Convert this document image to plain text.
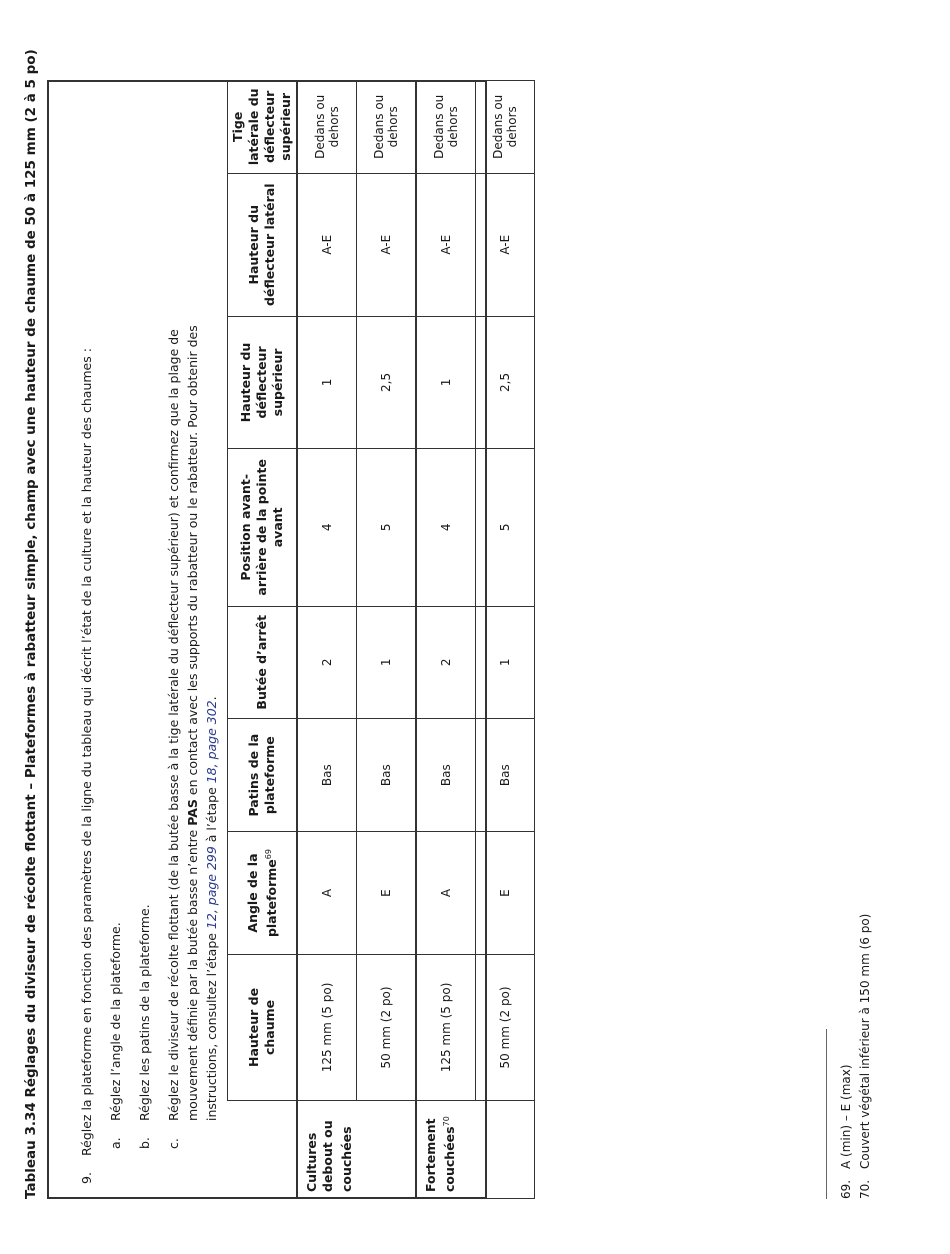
Tableau 3.34 Réglages du diviseur de récolte flottant – Plateformes à rabatteur simple, champ avec une hauteur de chaume de 50 à 125 mm (2 à 5 po)	9.
Réglez la plateforme en fonction des paramètres de la ligne du tableau qui décrit l’état de la culture et la hauteur des chaumes : a.
Réglez l’angle de la plateforme.
b.
Réglez les patins de la plateforme.
c.
Réglez le diviseur de récolte flottant (de la butée basse à la tige latérale du déflecteur supérieur) et confirmez que la plage de mouvement définie par la butée basse n’entre PAS en contact avec les supports du rabatteur ou le rabatteur. Pour obtenir des instructions, consultez l’étape 12, page 299 à l’étape 18, page 302.
	Hauteur de chaume	Angle de la plateforme$^{69}$	Patins de la plateforme	Butée d’arrêt	Position avant-arrière de la pointe avant	Hauteur du déflecteur supérieur	Hauteur du déflecteur latéral	Tige latérale du déflecteur supérieur
Cultures debout ou couchées	125 mm (5 po)	A	Bas	2	4	1	A-E	Dedans ou dehors
	50 mm (2 po)	E	Bas	1	5	2,5	A-E	Dedans ou dehors
Fortement couchées$^{70}$	125 mm (5 po)	A	Bas	2	4	1	A-E	Dedans ou dehors
	50 mm (2 po)	E	Bas	1	5	2,5	A-E	Dedans ou dehors
69.A (min) – E (max)
70.Couvert végétal inférieur à 150 mm (6 po)
